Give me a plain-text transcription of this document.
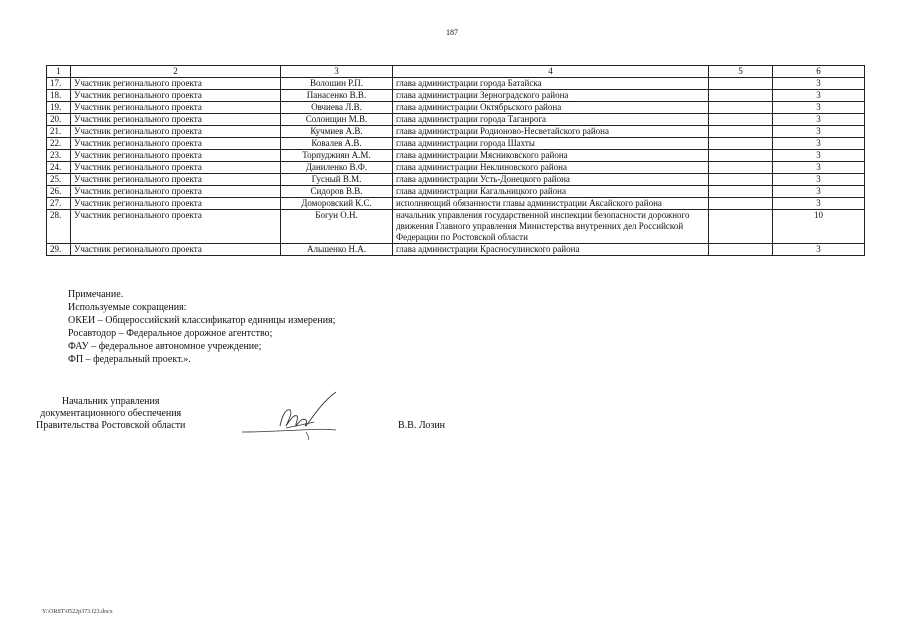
187
1	2	3	4	5	6
17.	Участник регионального проекта	Волошин Р.П.	глава администрации города Батайска		3
18.	Участник регионального проекта	Панасенко В.В.	глава администрации Зерноградского района		3
19.	Участник регионального проекта	Овчиева Л.В.	глава администрации Октябрьского района		3
20.	Участник регионального проекта	Солонщин М.В.	глава администрации города Таганрога		3
21.	Участник регионального проекта	Кучмиев А.В.	глава администрации Родионово-Несветайского района		3
22.	Участник регионального проекта	Ковалев А.В.	глава администрации города Шахты		3
23.	Участник регионального проекта	Торпуджиян А.М.	глава администрации Мясниковского района		3
24.	Участник регионального проекта	Даниленко В.Ф.	глава администрации Неклиновского района		3
25.	Участник регионального проекта	Гусный В.М.	глава администрации Усть-Донецкого района		3
26.	Участник регионального проекта	Сидоров В.В.	глава администрации Кагальницкого района		3
27.	Участник регионального проекта	Доморовский К.С.	исполняющий обязанности главы администрации Аксайского района		3
28.	Участник регионального проекта	Богун О.Н.	начальник управления государственной инспекции безопасности дорожного движения Главного управления Министерства внутренних дел Российской Федерации по Ростовской области		10
29.	Участник регионального проекта	Альшенко Н.А.	глава администрации Красносулинского района		3
Примечание.
Используемые сокращения:
ОКЕИ – Общероссийский классификатор единицы измерения;
Росавтодор – Федеральное дорожное агентство;
ФАУ – федеральное автономное учреждение;
ФП – федеральный проект.».
Начальник управления
документационного обеспечения
Правительства Ростовской области	В.В. Лозин
Y:\ORST\0522p373.f23.docx
